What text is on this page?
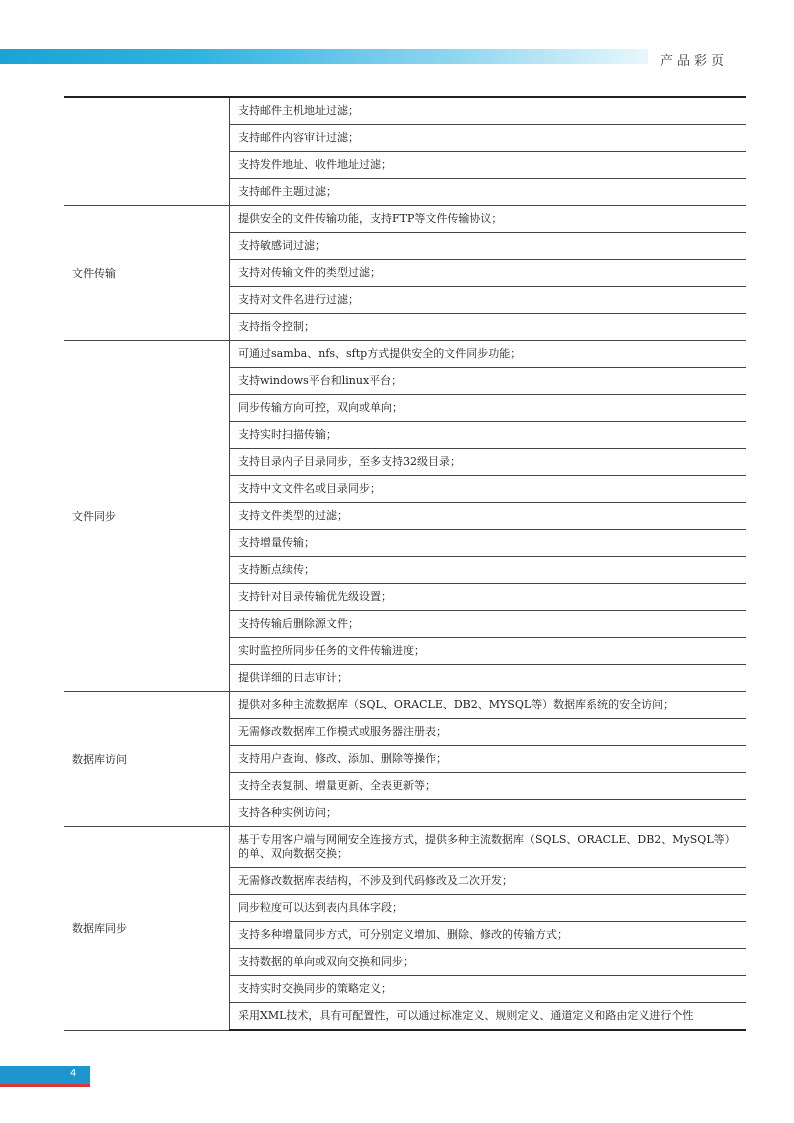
产品彩页
	支持邮件主机地址过滤；
	支持邮件内容审计过滤；
	支持发件地址、收件地址过滤；
	支持邮件主题过滤；
文件传输	提供安全的文件传输功能，支持FTP等文件传输协议；
	支持敏感词过滤；
	支持对传输文件的类型过滤；
	支持对文件名进行过滤；
	支持指令控制；
文件同步	可通过samba、nfs、sftp方式提供安全的文件同步功能；
	支持windows平台和linux平台；
	同步传输方向可控，双向或单向；
	支持实时扫描传输；
	支持目录内子目录同步，至多支持32级目录；
	支持中文文件名或目录同步；
	支持文件类型的过滤；
	支持增量传输；
	支持断点续传；
	支持针对目录传输优先级设置；
	支持传输后删除源文件；
	实时监控所同步任务的文件传输进度；
	提供详细的日志审计；
数据库访问	提供对多种主流数据库（SQL、ORACLE、DB2、MYSQL等）数据库系统的安全访问；
	无需修改数据库工作模式或服务器注册表；
	支持用户查询、修改、添加、删除等操作；
	支持全表复制、增量更新、全表更新等；
	支持各种实例访问；
数据库同步	基于专用客户端与网闸安全连接方式，提供多种主流数据库（SQLS、ORACLE、DB2、MySQL等）的单、双向数据交换；
	无需修改数据库表结构，不涉及到代码修改及二次开发；
	同步粒度可以达到表内具体字段；
	支持多种增量同步方式，可分别定义增加、删除、修改的传输方式；
	支持数据的单向或双向交换和同步；
	支持实时交换同步的策略定义；
	采用XML技术，具有可配置性，可以通过标准定义、规则定义、通道定义和路由定义进行个性
4
